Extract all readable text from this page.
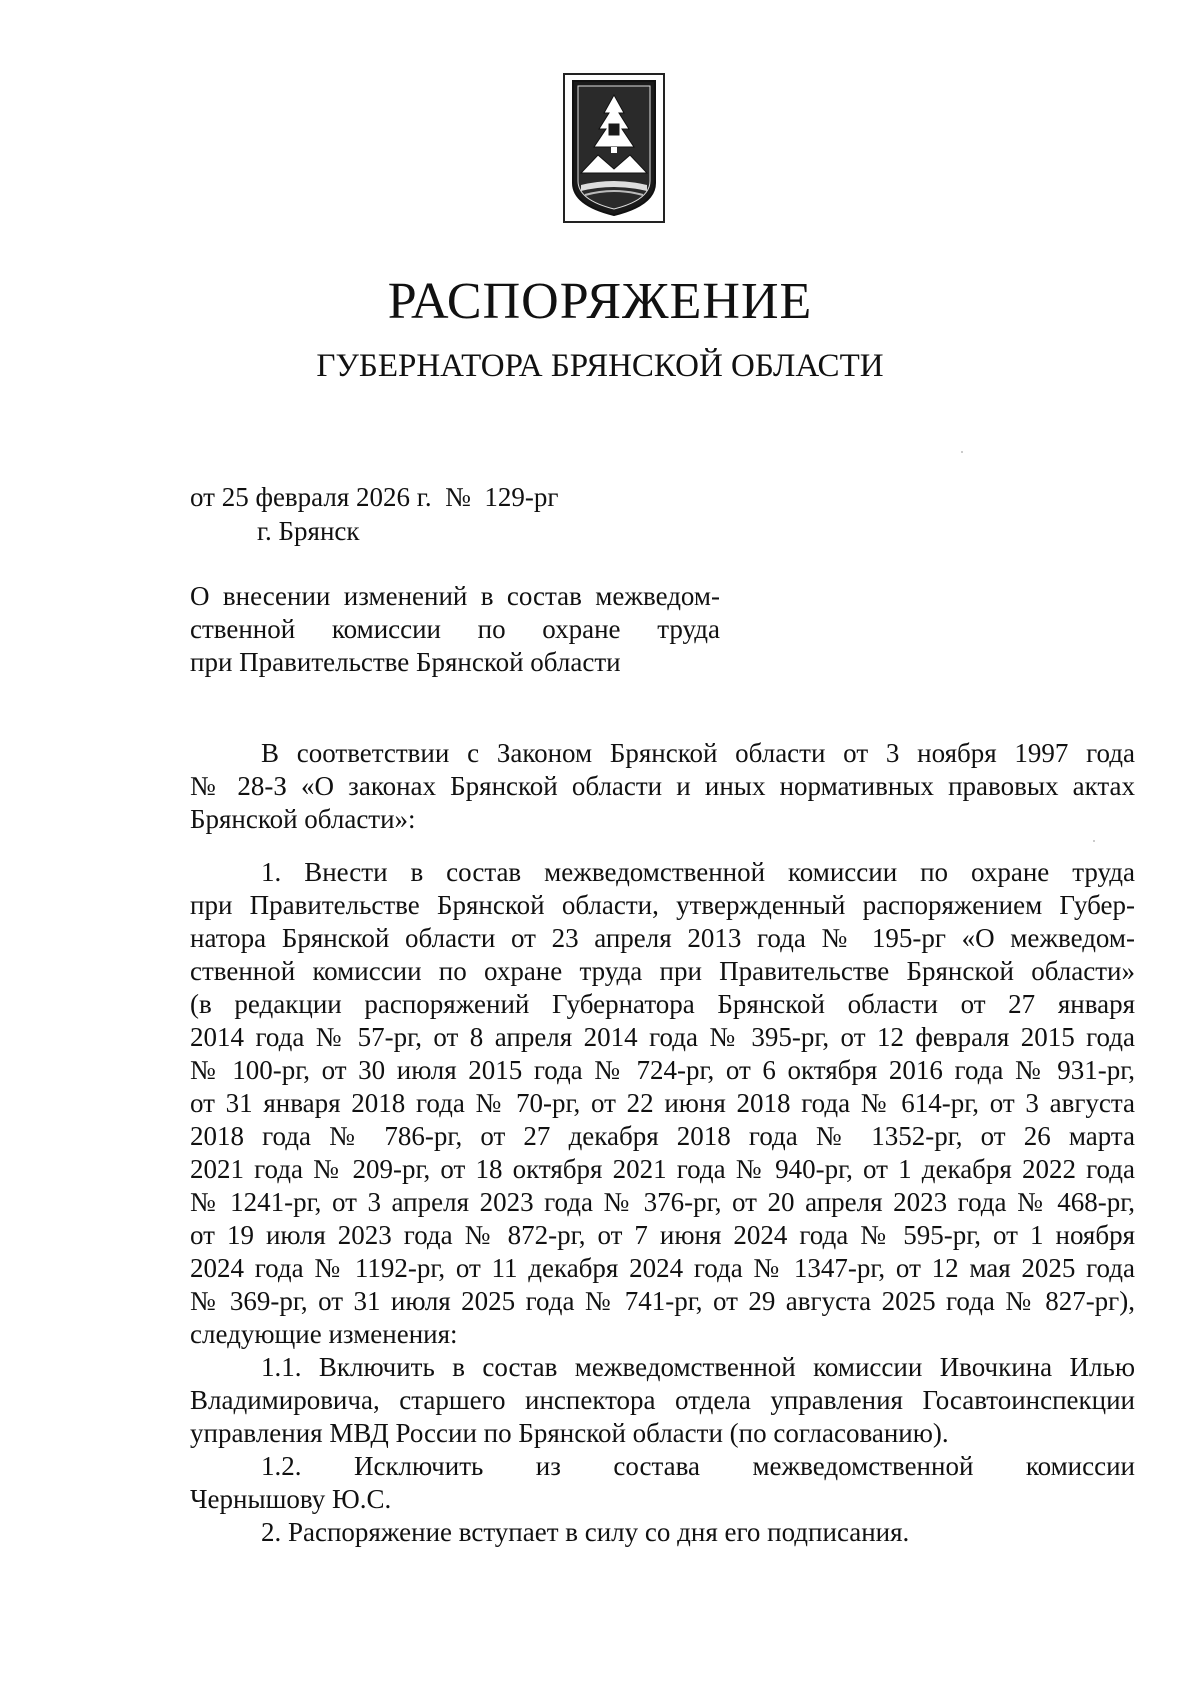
РАСПОРЯЖЕНИЕ
ГУБЕРНАТОРА БРЯНСКОЙ ОБЛАСТИ
от 25 февраля 2026 г.  №  129-рг
г. Брянск
О внесении изменений в состав межведом-
ственной комиссии по охране труда
при Правительстве Брянской области
В соответствии с Законом Брянской области от 3 ноября 1997 года
№ 28-З «О законах Брянской области и иных нормативных правовых актах
Брянской области»:
1. Внести в состав межведомственной комиссии по охране труда
при Правительстве Брянской области, утвержденный распоряжением Губер-
натора Брянской области от 23 апреля 2013 года № 195-рг «О межведом-
ственной комиссии по охране труда при Правительстве Брянской области»
(в редакции распоряжений Губернатора Брянской области от 27 января
2014 года № 57-рг, от 8 апреля 2014 года № 395-рг, от 12 февраля 2015 года
№ 100-рг, от 30 июля 2015 года № 724-рг, от 6 октября 2016 года № 931-рг,
от 31 января 2018 года № 70-рг, от 22 июня 2018 года № 614-рг, от 3 августа
2018 года № 786-рг, от 27 декабря 2018 года № 1352-рг, от 26 марта
2021 года № 209-рг, от 18 октября 2021 года № 940-рг, от 1 декабря 2022 года
№ 1241-рг, от 3 апреля 2023 года № 376-рг, от 20 апреля 2023 года № 468-рг,
от 19 июля 2023 года № 872-рг, от 7 июня 2024 года № 595-рг, от 1 ноября
2024 года № 1192-рг, от 11 декабря 2024 года № 1347-рг, от 12 мая 2025 года
№ 369-рг, от 31 июля 2025 года № 741-рг, от 29 августа 2025 года № 827-рг),
следующие изменения:
1.1. Включить в состав межведомственной комиссии Ивочкина Илью
Владимировича, старшего инспектора отдела управления Госавтоинспекции
управления МВД России по Брянской области (по согласованию).
1.2. Исключить из состава межведомственной комиссии
Чернышову Ю.С.
2. Распоряжение вступает в силу со дня его подписания.
